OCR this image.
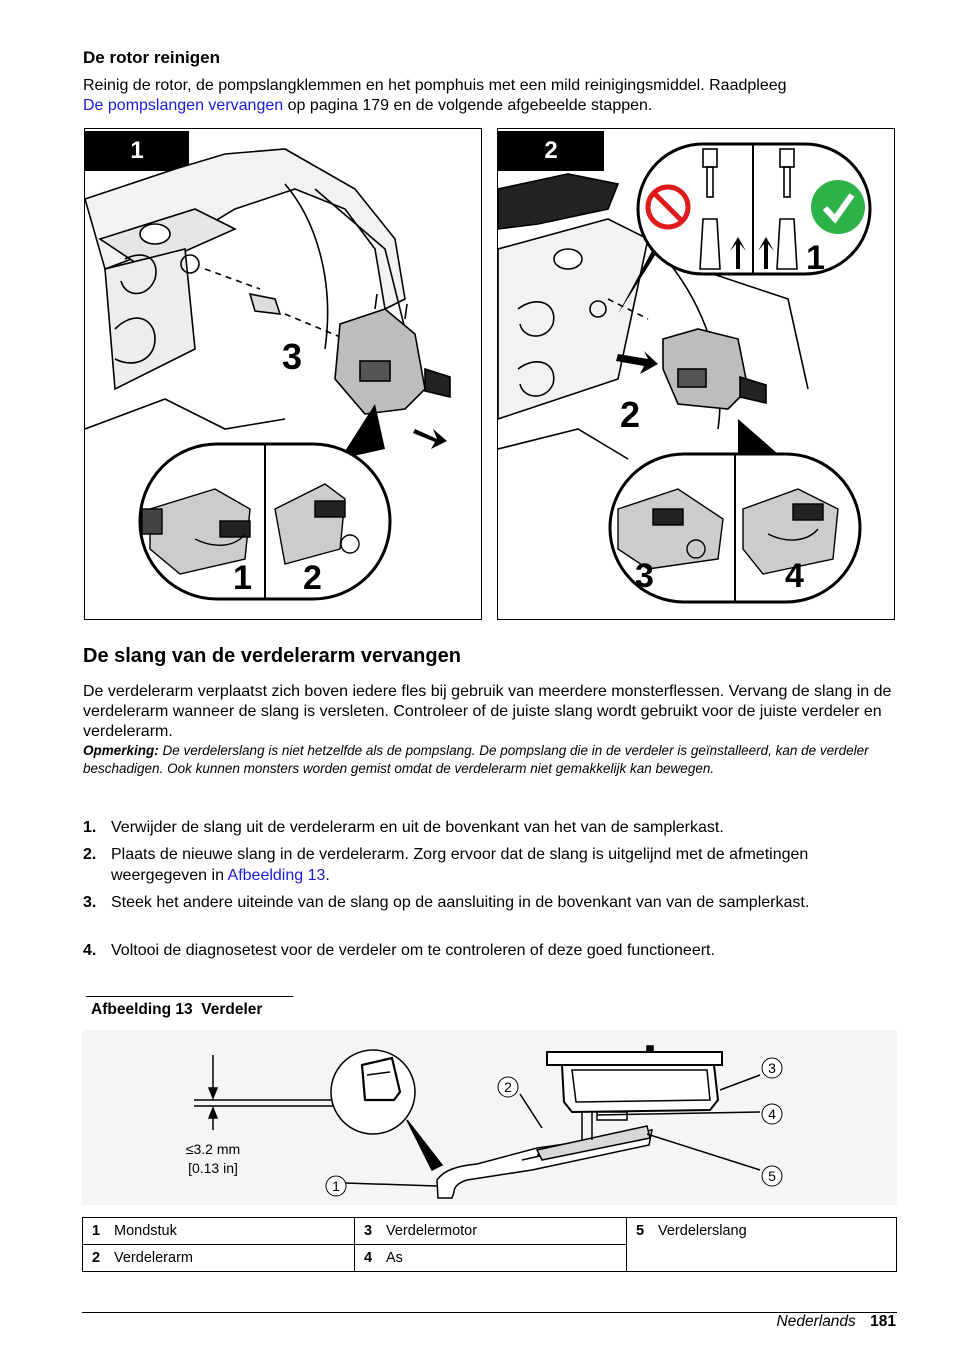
De rotor reinigen
Reinig de rotor, de pompslangklemmen en het pomphuis met een mild reinigingsmiddel. Raadpleeg
De pompslangen vervangen op pagina 179 en de volgende afgebeelde stappen.
1
3
1 2
2
2
1
3	4
De slang van de verdelerarm vervangen
De verdelerarm verplaatst zich boven iedere fles bij gebruik van meerdere monsterflessen. Vervang de slang in de verdelerarm wanneer de slang is versleten. Controleer of de juiste slang wordt gebruikt voor de juiste verdeler en verdelerarm.
Opmerking: De verdelerslang is niet hetzelfde als de pompslang. De pompslang die in de verdeler is geïnstalleerd, kan de verdeler beschadigen. Ook kunnen monsters worden gemist omdat de verdelerarm niet gemakkelijk kan bewegen.
1. Verwijder de slang uit de verdelerarm en uit de bovenkant van het van de samplerkast.
2. Plaats de nieuwe slang in de verdelerarm. Zorg ervoor dat de slang is uitgelijnd met de afmetingen weergegeven in Afbeelding 13.
3. Steek het andere uiteinde van de slang op de aansluiting in de bovenkant van van de samplerkast.
4. Voltooi de diagnosetest voor de verdeler om te controleren of deze goed functioneert.
Afbeelding 13  Verdeler
≤3.2 mm
[0.13 in]
1
2
3
4
5
1 Mondstuk	3 Verdelermotor	5 Verdelerslang
2 Verdelerarm	4 As	
Nederlands 181
